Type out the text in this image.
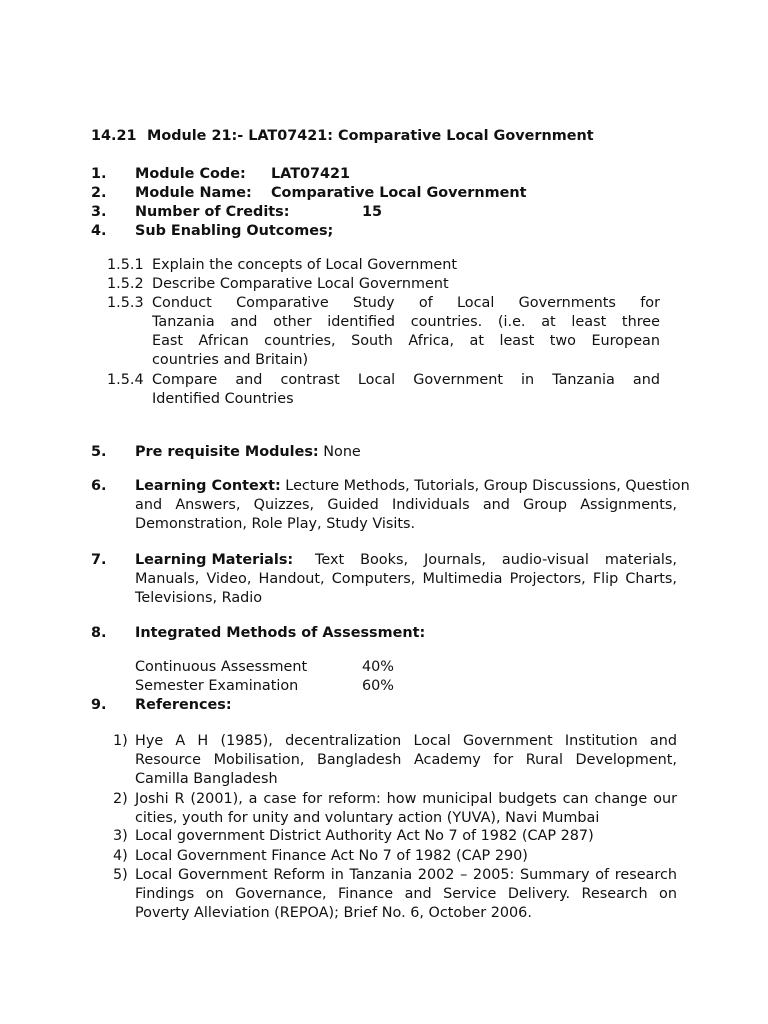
14.21 Module 21:- LAT07421: Comparative Local Government
1. Module Code: LAT07421
2. Module Name: Comparative Local Government
3. Number of Credits:	15
4. Sub Enabling Outcomes;
1.5.1 Explain the concepts of Local Government
1.5.2 Describe Comparative Local Government
1.5.3 Conduct Comparative Study of Local Governments for
Tanzania and other identified countries. (i.e. at least three
East African countries, South Africa, at least two European
countries and Britain)
1.5.4 Compare and contrast Local Government in Tanzania and
Identified Countries
5. Pre requisite Modules: None
6. Learning Context: Lecture Methods, Tutorials, Group Discussions, Question
and Answers, Quizzes, Guided Individuals and Group Assignments,
Demonstration, Role Play, Study Visits.
7. Learning Materials:	Text Books, Journals, audio-visual materials,
Manuals, Video, Handout, Computers, Multimedia Projectors, Flip Charts,
Televisions, Radio
8. Integrated Methods of Assessment:
Continuous Assessment	40%
Semester Examination	60%
9. References:
1) Hye A H (1985), decentralization Local Government Institution and
Resource Mobilisation, Bangladesh Academy for Rural Development,
Camilla Bangladesh
2) Joshi R (2001), a case for reform: how municipal budgets can change our
cities, youth for unity and voluntary action (YUVA), Navi Mumbai
3) Local government District Authority Act No 7 of 1982 (CAP 287)
4) Local Government Finance Act No 7 of 1982 (CAP 290)
5) Local Government Reform in Tanzania 2002 – 2005: Summary of research
Findings on Governance, Finance and Service Delivery. Research on
Poverty Alleviation (REPOA); Brief No. 6, October 2006.
